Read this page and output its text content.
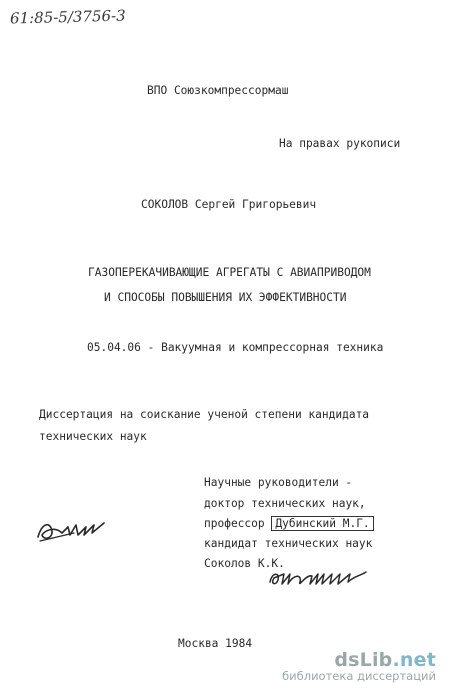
61:85-5/3756-3
ВПО Союзкомпрессормаш
На правах рукописи
СОКОЛОВ Сергей Григорьевич
ГАЗОПЕРЕКАЧИВАЮЩИЕ АГРЕГАТЫ С АВИАПРИВОДОМ
И СПОСОБЫ ПОВЫШЕНИЯ ИХ ЭФФЕКТИВНОСТИ
05.04.06 - Вакуумная и компрессорная техника
Диссертация на соискание ученой степени кандидата
технических наук
Научные руководители -
доктор технических наук,
профессор Дубинский М.Г.
кандидат технических наук
Соколов К.К.
Москва 1984
dsLib.net
библиотека диссертаций
